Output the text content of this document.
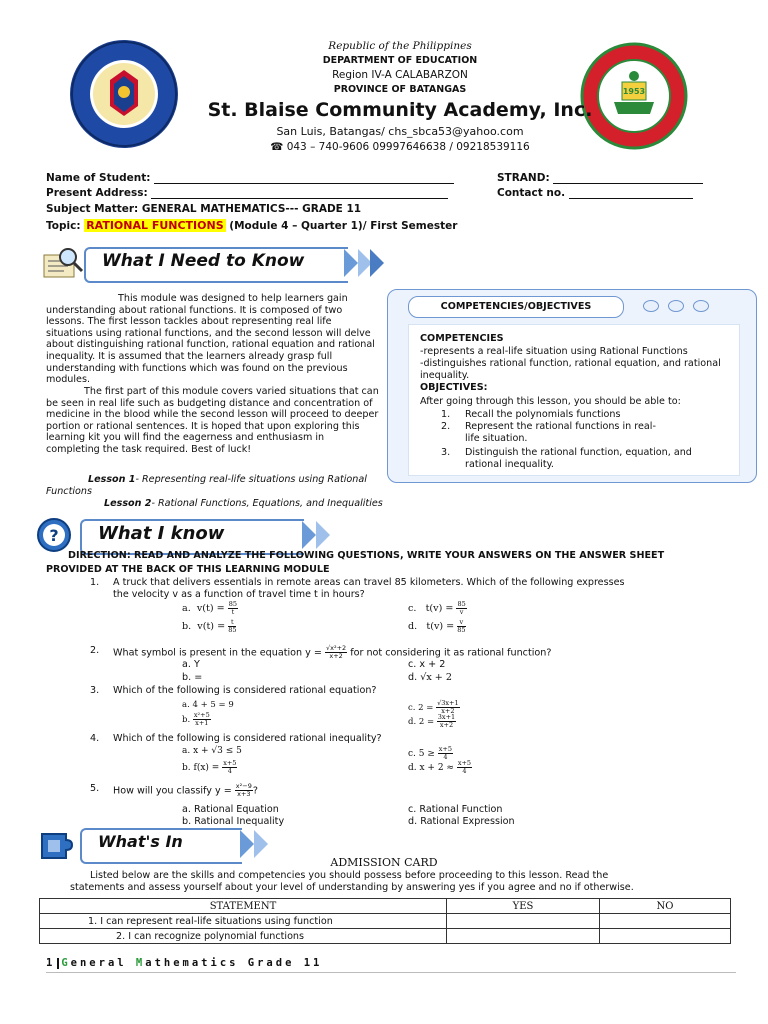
1953
Republic of the Philippines
DEPARTMENT OF EDUCATION
Region IV-A CALABARZON
PROVINCE OF BATANGAS
St. Blaise Community Academy, Inc.
San Luis, Batangas/ chs_sbca53@yahoo.com
☎ 043 – 740-9606 09997646638 / 09218539116
Name of Student:
Present Address:
Subject Matter: GENERAL MATHEMATICS--- GRADE 11
Topic: RATIONAL FUNCTIONS (Module 4 – Quarter 1)/ First Semester
STRAND:
Contact no.
What I Need to Know
This module was designed to help learners gain understanding about rational functions. It is composed of two lessons. The first lesson tackles about representing real life situations using rational functions, and the second lesson will delve about distinguishing rational function, rational equation and rational inequality. It is assumed that the learners already grasp full understanding with functions which was found on the previous modules.
The first part of this module covers varied situations that can be seen in real life such as budgeting distance and concentration of medicine in the blood while the second lesson will proceed to deeper portion or rational sentences. It is hoped that upon exploring this learning kit you will find the eagerness and enthusiasm in completing the task required. Best of luck!
Lesson 1- Representing real-life situations using Rational Functions
Lesson 2- Rational Functions, Equations, and Inequalities
COMPETENCIES/OBJECTIVES
COMPETENCIES
-represents a real-life situation using Rational Functions
-distinguishes rational function, rational equation, and rational inequality.
OBJECTIVES:
After going through this lesson, you should be able to:
1. Recall the polynomials functions
2. Represent the rational functions in real-
life situation.
3. Distinguish the rational function, equation, and
rational inequality.
? What I know
DIRECTION: READ AND ANALYZE THE FOLLOWING QUESTIONS, WRITE YOUR ANSWERS ON THE ANSWER SHEET
PROVIDED AT THE BACK OF THIS LEARNING MODULE
1. A truck that delivers essentials in remote areas can travel 85 kilometers. Which of the following expresses
the velocity v as a function of travel time t in hours?
a.  $v(t) = \frac{85}{t}$
b.  $v(t) = \frac{t}{85}$
c.   $t(v) = \frac{85}{v}$
d.   $t(v) = \frac{v}{85}$
2. What symbol is present in the equation $y = \frac{\text{√x²+2}}{x+2}$ for not considering it as rational function?
a. Y
b. =
c. x + 2
d. √x + 2
3. Which of the following is considered rational equation?
a. 4 + 5 = 9
b. $\frac{\text{x²+5}}{x+1}$
c. $2 = \frac{√3x+1}{x+2}$
d. $2 = \frac{3x+1}{x+2}$
4. Which of the following is considered rational inequality?
a. x + √3 ≤ 5
b. $f(x) = \frac{x+5}{4}$
c. $5 \ge \frac{x+5}{4}$
d. $x + 2 \approx \frac{x+5}{4}$
5. How will you classify $y = \frac{\text{x²−9}}{x+3}$ ?
a. Rational Equation
b. Rational Inequality
c. Rational Function
d. Rational Expression
What's In
ADMISSION CARD
Listed below are the skills and competencies you should possess before proceeding to this lesson. Read the
statements and assess yourself about your level of understanding by answering yes if you agree and no if otherwise.
STATEMENT	YES	NO
1. I can represent real-life situations using function		
2. I can recognize polynomial functions		
1 General Mathematics Grade 11
